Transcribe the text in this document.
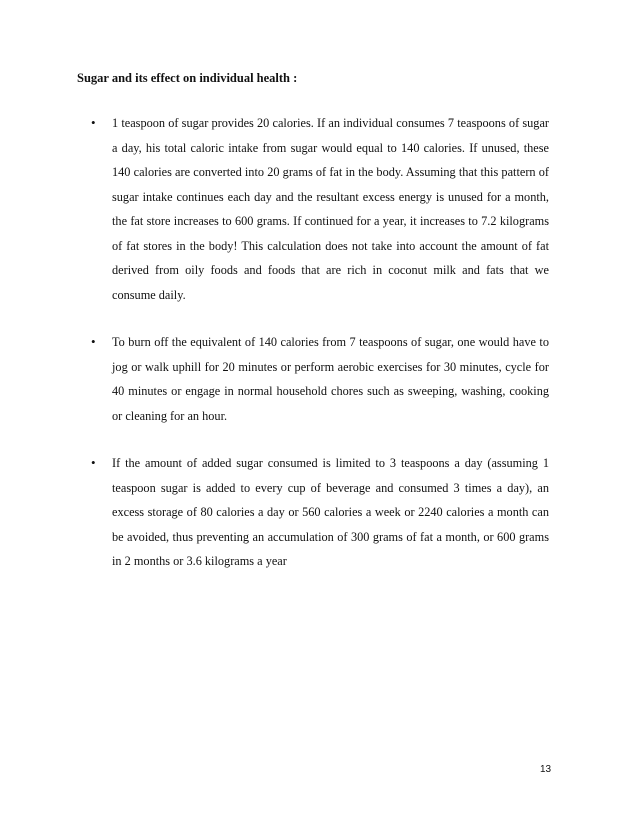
Sugar and its effect on individual health :
• 1 teaspoon of sugar provides 20 calories. If an individual consumes 7 teaspoons of sugar a day, his total caloric intake from sugar would equal to 140 calories. If unused, these 140 calories are converted into 20 grams of fat in the body. Assuming that this pattern of sugar intake continues each day and the resultant excess energy is unused for a month, the fat store increases to 600 grams. If continued for a year, it increases to 7.2 kilograms of fat stores in the body! This calculation does not take into account the amount of fat derived from oily foods and foods that are rich in coconut milk and fats that we consume daily.
• To burn off the equivalent of 140 calories from 7 teaspoons of sugar, one would have to jog or walk uphill for 20 minutes or perform aerobic exercises for 30 minutes, cycle for 40 minutes or engage in normal household chores such as sweeping, washing, cooking or cleaning for an hour.
• If the amount of added sugar consumed is limited to 3 teaspoons a day (assuming 1 teaspoon sugar is added to every cup of beverage and consumed 3 times a day), an excess storage of 80 calories a day or 560 calories a week or 2240 calories a month can be avoided, thus preventing an accumulation of 300 grams of fat a month, or 600 grams in 2 months or 3.6 kilograms a year
13
